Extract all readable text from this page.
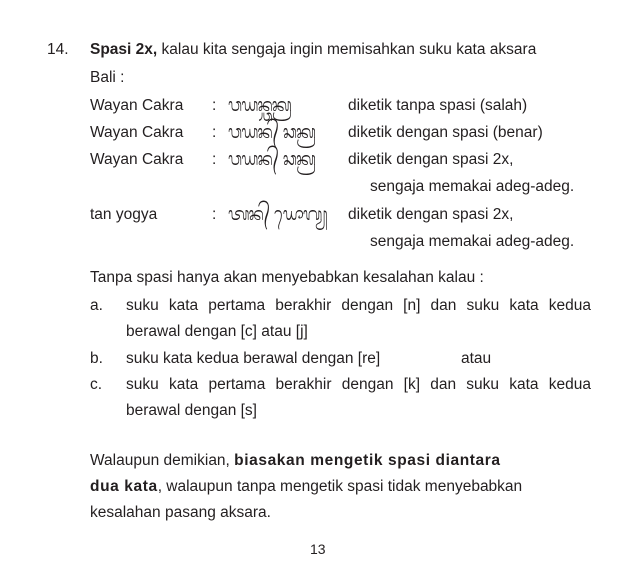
14. Spasi 2x, kalau kita sengaja ingin memisahkan suku kata aksara
Bali :
Wayan Cakra : ᬯᬬᬦ᭄ᬘᬓ᭄ᬭ	diketik tanpa spasi (salah)
Wayan Cakra : ᬯᬬᬦ᭄ ᬘᬓ᭄ᬭ diketik dengan spasi (benar)
Wayan Cakra : ᬯᬬᬦ᭄ ᬘᬓ᭄ᬭ diketik dengan spasi 2x,
sengaja memakai adeg-adeg.
tan yogya	: ᬢᬦ᭄ ᬬᭀᬕ᭄ᬬ diketik dengan spasi 2x,
sengaja memakai adeg-adeg.
Tanpa spasi hanya akan menyebabkan kesalahan kalau :
a. suku kata pertama berakhir dengan [n] dan suku kata kedua
berawal dengan [c] atau [j]
b. suku kata kedua berawal dengan [re]	atau
c. suku kata pertama berakhir dengan [k] dan suku kata kedua
berawal dengan [s]
Walaupun demikian, biasakan mengetik spasi diantara
dua kata, walaupun tanpa mengetik spasi tidak menyebabkan
kesalahan pasang aksara.
13
